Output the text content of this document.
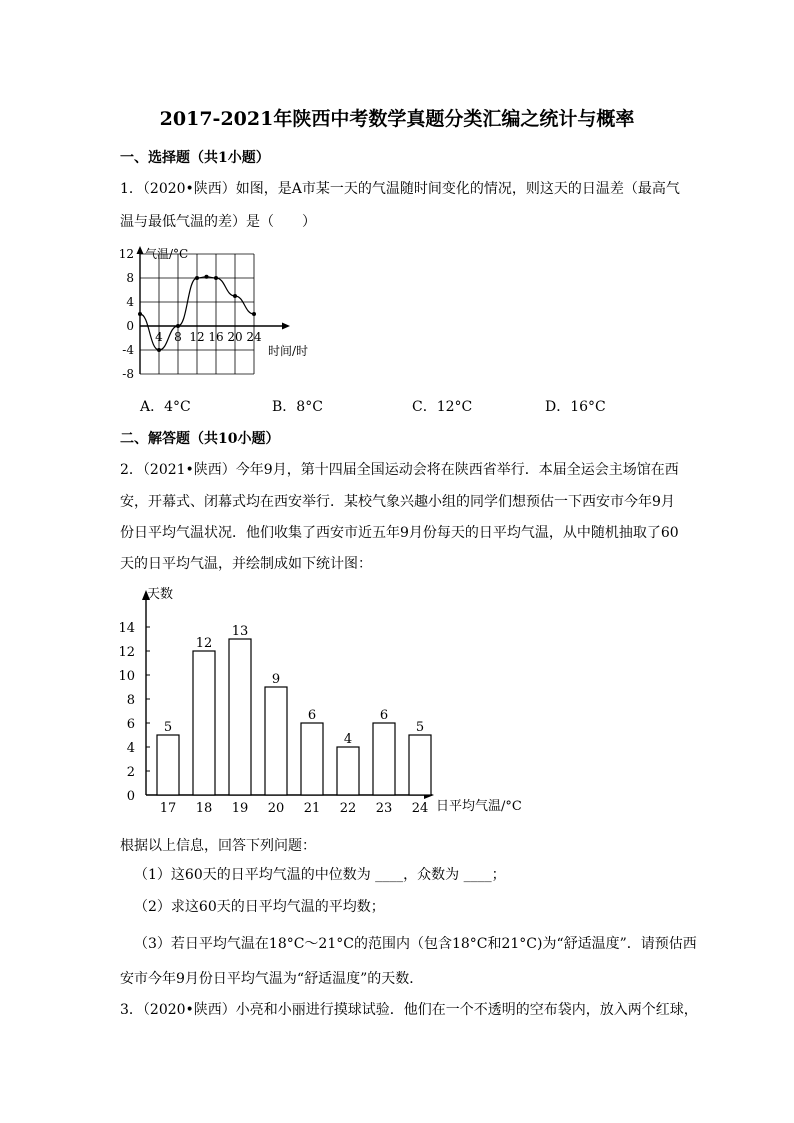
2017-2021年陕西中考数学真题分类汇编之统计与概率
一、选择题（共1小题）
1．（2020•陕西）如图，是A市某一天的气温随时间变化的情况，则这天的日温差（最高气
温与最低气温的差）是（　　）
12
8
4
0
-4
-8
4 8 12 16 20 24
气温/°C
时间/时
A．4°C	B．8°C	C．12°C	D．16°C
二、解答题（共10小题）
2．（2021•陕西）今年9月，第十四届全国运动会将在陕西省举行．本届全运会主场馆在西
安，开幕式、闭幕式均在西安举行．某校气象兴趣小组的同学们想预估一下西安市今年9月
份日平均气温状况．他们收集了西安市近五年9月份每天的日平均气温，从中随机抽取了60
天的日平均气温，并绘制成如下统计图：
14
12
10
8
6
4
2
0
5
12
13
9
6
4
6
5
17 18 19 20 21 22 23 24
天数
日平均气温/°C
根据以上信息，回答下列问题：
（1）这60天的日平均气温的中位数为 ____，众数为 ____；
（2）求这60天的日平均气温的平均数；
（3）若日平均气温在18°C～21°C的范围内（包含18°C和21°C)为“舒适温度”．请预估西
安市今年9月份日平均气温为“舒适温度”的天数．
3．（2020•陕西）小亮和小丽进行摸球试验．他们在一个不透明的空布袋内，放入两个红球，
